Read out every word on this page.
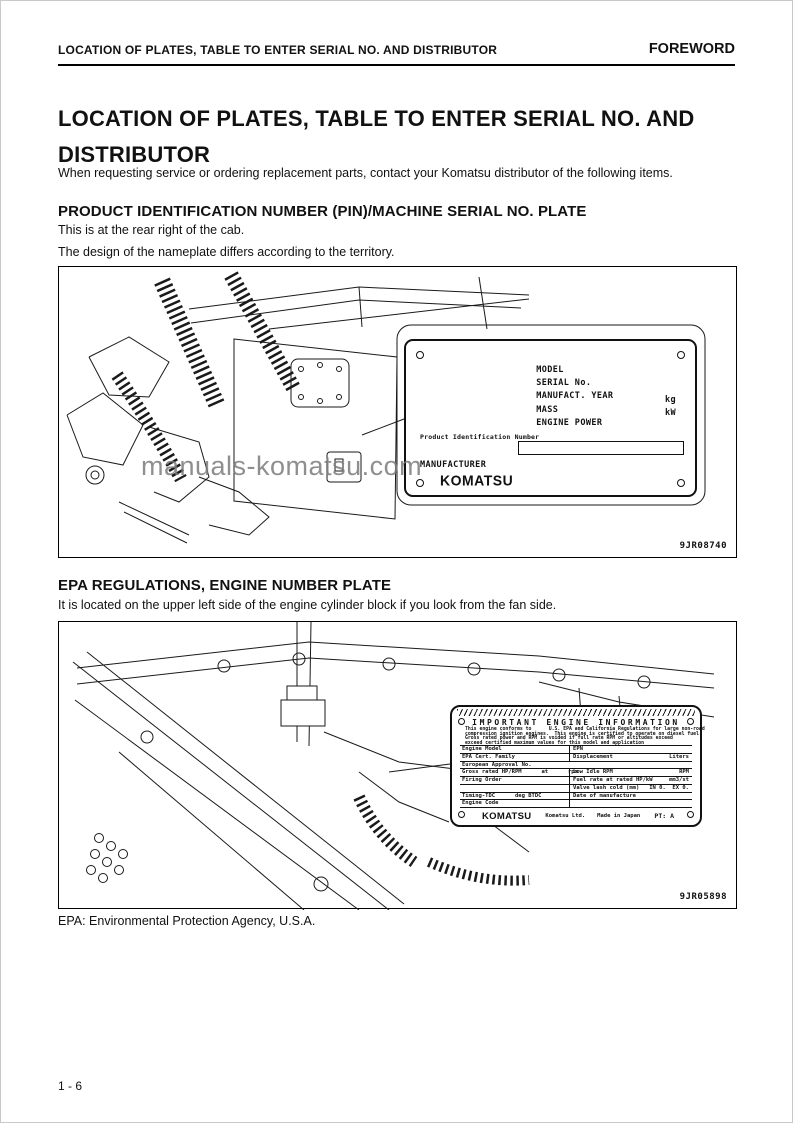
LOCATION OF PLATES, TABLE TO ENTER SERIAL NO. AND DISTRIBUTOR	FOREWORD
LOCATION OF PLATES, TABLE TO ENTER SERIAL NO. AND DISTRIBUTOR

When requesting service or ordering replacement parts, contact your Komatsu distributor of the following items.

PRODUCT IDENTIFICATION NUMBER (PIN)/MACHINE SERIAL NO. PLATE

This is at the rear right of the cab.

The design of the nameplate differs according to the territory.

MODEL

SERIAL No.

MANUFACT. YEAR

MASS

kg

ENGINE POWER

kW

Product Identification Number
MANUFACTURER
KOMATSU
manuals-komatsu.com
9JR08740
EPA REGULATIONS, ENGINE NUMBER PLATE

It is located on the upper left side of the engine cylinder block if you look from the fan side.

IMPORTANT ENGINE INFORMATION
This engine conforms to      U.S. EPA and California Regulations for large non-road
compression ignition engines.  This engine is certified to operate on diesel fuel.
Gross rated power and RPM is voided if full rate RPM or altitudes exceed
exceed certified maximum values for this model and application
Engine Model	EPN
EPA Cert. Family	Displacement	Liters
European Approval No.
Gross rated HP/RPM      at      rpm
Low Idle RPM	RPM
Firing Order	Fuel rate at rated HP/kW	mm3/st
Valve lash cold (mm) IN 0.  EX 0.
Timing-TDC      deg BTDC	Date of manufacture
Engine Code
KOMATSU	Komatsu Ltd. Made in Japan PT: A
9JR05898

EPA: Environmental Protection Agency, U.S.A.

1 - 6
